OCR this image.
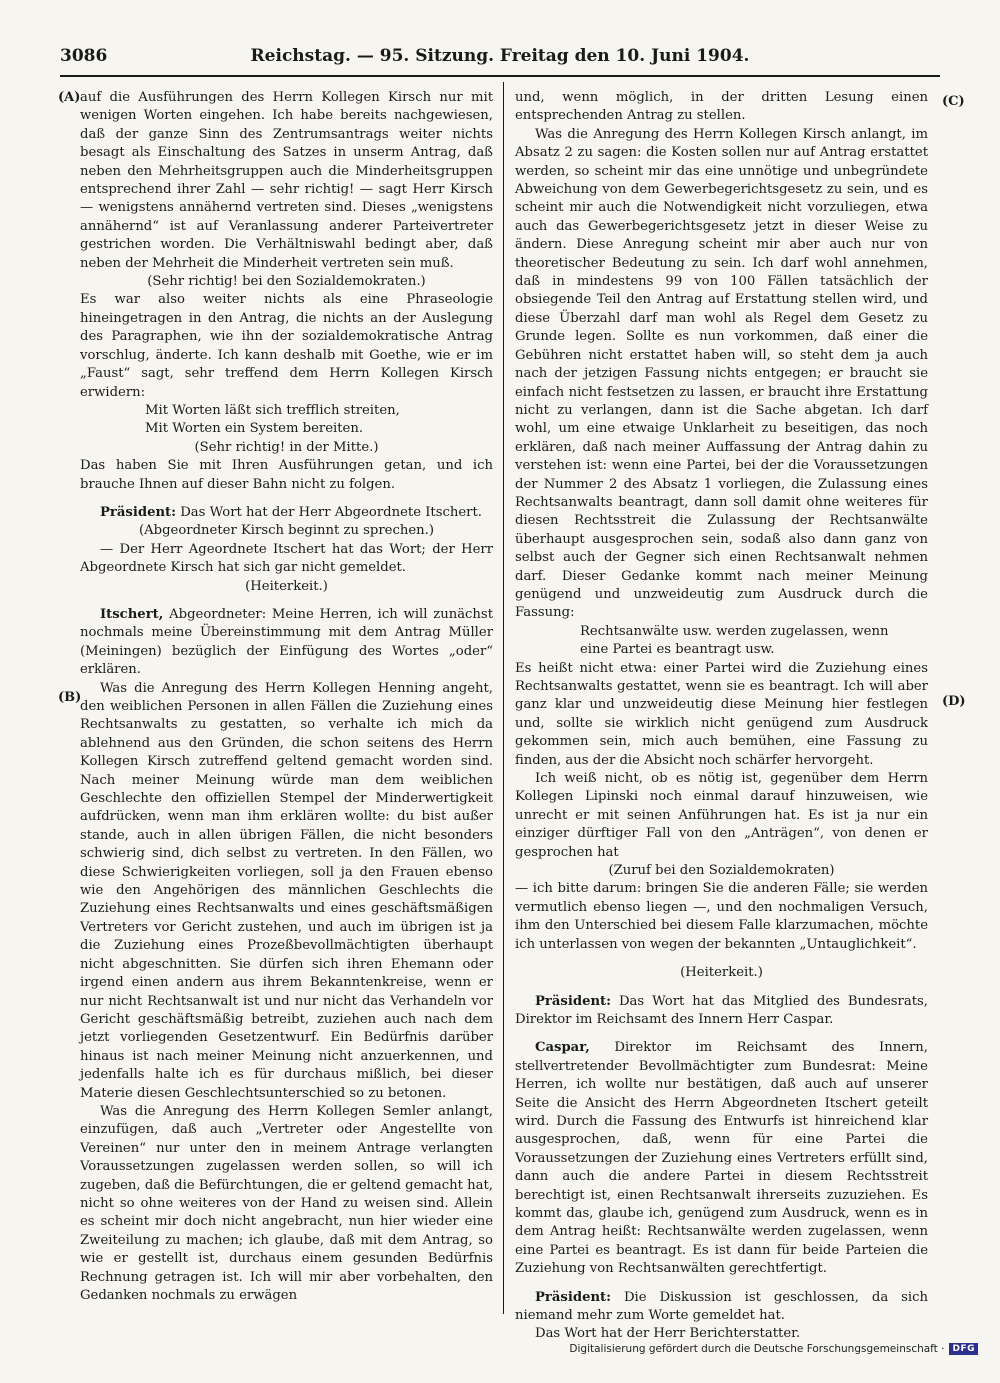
3086	Reichstag. — 95. Sitzung. Freitag den 10. Juni 1904.
(A)
(B)
(C)
(D)

auf die Ausführungen des Herrn Kollegen Kirsch nur mit wenigen Worten eingehen. Ich habe bereits nachgewiesen, daß der ganze Sinn des Zentrumsantrags weiter nichts besagt als Einschaltung des Satzes in unserm Antrag, daß neben den Mehrheitsgruppen auch die Minderheitsgruppen entsprechend ihrer Zahl — sehr richtig! — sagt Herr Kirsch — wenigstens annähernd vertreten sind. Dieses „wenigstens annähernd“ ist auf Veranlassung anderer Parteivertreter gestrichen worden. Die Verhältniswahl bedingt aber, daß neben der Mehrheit die Minderheit vertreten sein muß.

(Sehr richtig! bei den Sozialdemokraten.)

Es war also weiter nichts als eine Phraseologie hineingetragen in den Antrag, die nichts an der Auslegung des Paragraphen, wie ihn der sozialdemokratische Antrag vorschlug, änderte. Ich kann deshalb mit Goethe, wie er im „Faust“ sagt, sehr treffend dem Herrn Kollegen Kirsch erwidern:

Mit Worten läßt sich trefflich streiten,

Mit Worten ein System bereiten.

(Sehr richtig! in der Mitte.)

Das haben Sie mit Ihren Ausführungen getan, und ich brauche Ihnen auf dieser Bahn nicht zu folgen.

Präsident: Das Wort hat der Herr Abgeordnete Itschert.

(Abgeordneter Kirsch beginnt zu sprechen.)

— Der Herr Ageordnete Itschert hat das Wort; der Herr Abgeordnete Kirsch hat sich gar nicht gemeldet.

(Heiterkeit.)

Itschert, Abgeordneter: Meine Herren, ich will zunächst nochmals meine Übereinstimmung mit dem Antrag Müller (Meiningen) bezüglich der Einfügung des Wortes „oder“ erklären.

Was die Anregung des Herrn Kollegen Henning angeht, den weiblichen Personen in allen Fällen die Zuziehung eines Rechtsanwalts zu gestatten, so verhalte ich mich da ablehnend aus den Gründen, die schon seitens des Herrn Kollegen Kirsch zutreffend geltend gemacht worden sind. Nach meiner Meinung würde man dem weiblichen Geschlechte den offiziellen Stempel der Minderwertigkeit aufdrücken, wenn man ihm erklären wollte: du bist außer stande, auch in allen übrigen Fällen, die nicht besonders schwierig sind, dich selbst zu vertreten. In den Fällen, wo diese Schwierigkeiten vorliegen, soll ja den Frauen ebenso wie den Angehörigen des männlichen Geschlechts die Zuziehung eines Rechtsanwalts und eines geschäftsmäßigen Vertreters vor Gericht zustehen, und auch im übrigen ist ja die Zuziehung eines Prozeßbevollmächtigten überhaupt nicht abgeschnitten. Sie dürfen sich ihren Ehemann oder irgend einen andern aus ihrem Bekanntenkreise, wenn er nur nicht Rechtsanwalt ist und nur nicht das Verhandeln vor Gericht geschäftsmäßig betreibt, zuziehen auch nach dem jetzt vorliegenden Gesetzentwurf. Ein Bedürfnis darüber hinaus ist nach meiner Meinung nicht anzuerkennen, und jedenfalls halte ich es für durchaus mißlich, bei dieser Materie diesen Geschlechtsunterschied so zu betonen.

Was die Anregung des Herrn Kollegen Semler anlangt, einzufügen, daß auch „Vertreter oder Angestellte von Vereinen“ nur unter den in meinem Antrage verlangten Voraussetzungen zugelassen werden sollen, so will ich zugeben, daß die Befürchtungen, die er geltend gemacht hat, nicht so ohne weiteres von der Hand zu weisen sind. Allein es scheint mir doch nicht angebracht, nun hier wieder eine Zweiteilung zu machen; ich glaube, daß mit dem Antrag, so wie er gestellt ist, durchaus einem gesunden Bedürfnis Rechnung getragen ist. Ich will mir aber vorbehalten, den Gedanken nochmals zu erwägen

und, wenn möglich, in der dritten Lesung einen entsprechenden Antrag zu stellen.

Was die Anregung des Herrn Kollegen Kirsch anlangt, im Absatz 2 zu sagen: die Kosten sollen nur auf Antrag erstattet werden, so scheint mir das eine unnötige und unbegründete Abweichung von dem Gewerbegerichtsgesetz zu sein, und es scheint mir auch die Notwendigkeit nicht vorzuliegen, etwa auch das Gewerbegerichtsgesetz jetzt in dieser Weise zu ändern. Diese Anregung scheint mir aber auch nur von theoretischer Bedeutung zu sein. Ich darf wohl annehmen, daß in mindestens 99 von 100 Fällen tatsächlich der obsiegende Teil den Antrag auf Erstattung stellen wird, und diese Überzahl darf man wohl als Regel dem Gesetz zu Grunde legen. Sollte es nun vorkommen, daß einer die Gebühren nicht erstattet haben will, so steht dem ja auch nach der jetzigen Fassung nichts entgegen; er braucht sie einfach nicht festsetzen zu lassen, er braucht ihre Erstattung nicht zu verlangen, dann ist die Sache abgetan. Ich darf wohl, um eine etwaige Unklarheit zu beseitigen, das noch erklären, daß nach meiner Auffassung der Antrag dahin zu verstehen ist: wenn eine Partei, bei der die Voraussetzungen der Nummer 2 des Absatz 1 vorliegen, die Zulassung eines Rechtsanwalts beantragt, dann soll damit ohne weiteres für diesen Rechtsstreit die Zulassung der Rechtsanwälte überhaupt ausgesprochen sein, sodaß also dann ganz von selbst auch der Gegner sich einen Rechtsanwalt nehmen darf. Dieser Gedanke kommt nach meiner Meinung genügend und unzweideutig zum Ausdruck durch die Fassung:

Rechtsanwälte usw. werden zugelassen, wenn

eine Partei es beantragt usw.

Es heißt nicht etwa: einer Partei wird die Zuziehung eines Rechtsanwalts gestattet, wenn sie es beantragt. Ich will aber ganz klar und unzweideutig diese Meinung hier festlegen und, sollte sie wirklich nicht genügend zum Ausdruck gekommen sein, mich auch bemühen, eine Fassung zu finden, aus der die Absicht noch schärfer hervorgeht.

Ich weiß nicht, ob es nötig ist, gegenüber dem Herrn Kollegen Lipinski noch einmal darauf hinzuweisen, wie unrecht er mit seinen Anführungen hat. Es ist ja nur ein einziger dürftiger Fall von den „Anträgen“, von denen er gesprochen hat

(Zuruf bei den Sozialdemokraten)

— ich bitte darum: bringen Sie die anderen Fälle; sie werden vermutlich ebenso liegen —, und den nochmaligen Versuch, ihm den Unterschied bei diesem Falle klarzumachen, möchte ich unterlassen von wegen der bekannten „Untauglichkeit“.

(Heiterkeit.)

Präsident: Das Wort hat das Mitglied des Bundesrats, Direktor im Reichsamt des Innern Herr Caspar.

Caspar, Direktor im Reichsamt des Innern, stellvertretender Bevollmächtigter zum Bundesrat: Meine Herren, ich wollte nur bestätigen, daß auch auf unserer Seite die Ansicht des Herrn Abgeordneten Itschert geteilt wird. Durch die Fassung des Entwurfs ist hinreichend klar ausgesprochen, daß, wenn für eine Partei die Voraussetzungen der Zuziehung eines Vertreters erfüllt sind, dann auch die andere Partei in diesem Rechtsstreit berechtigt ist, einen Rechtsanwalt ihrerseits zuzuziehen. Es kommt das, glaube ich, genügend zum Ausdruck, wenn es in dem Antrag heißt: Rechtsanwälte werden zugelassen, wenn eine Partei es beantragt. Es ist dann für beide Parteien die Zuziehung von Rechtsanwälten gerechtfertigt.

Präsident: Die Diskussion ist geschlossen, da sich niemand mehr zum Worte gemeldet hat.

Das Wort hat der Herr Berichterstatter.

Digitalisierung gefördert durch die Deutsche Forschungsgemeinschaft · DFG
